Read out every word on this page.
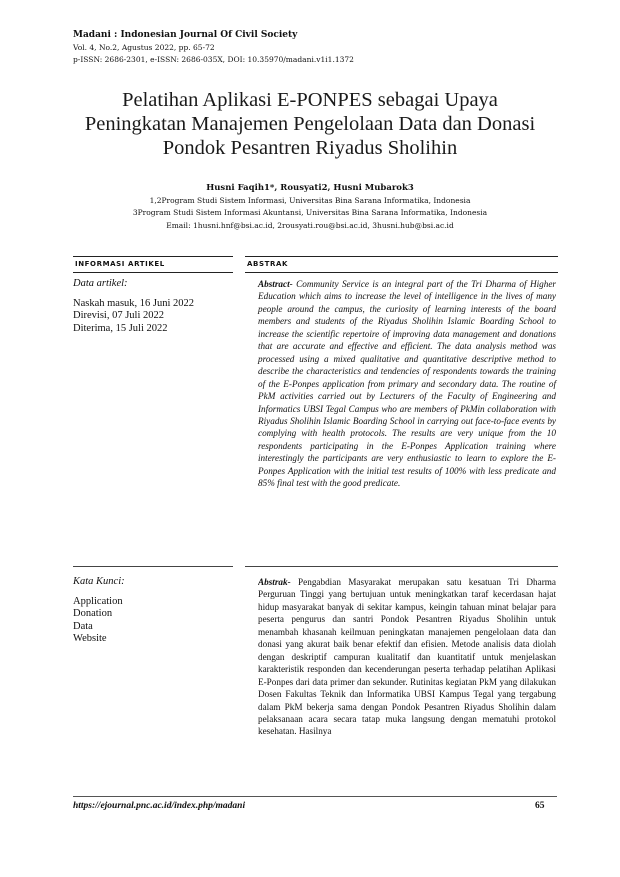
Madani : Indonesian Journal Of Civil Society
Vol. 4, No.2, Agustus 2022, pp. 65-72
p-ISSN: 2686-2301, e-ISSN: 2686-035X, DOI: 10.35970/madani.v1i1.1372
Pelatihan Aplikasi E-PONPES sebagai Upaya
Peningkatan Manajemen Pengelolaan Data dan Donasi
Pondok Pesantren Riyadus Sholihin
Husni Faqih1*, Rousyati2, Husni Mubarok3
1,2Program Studi Sistem Informasi, Universitas Bina Sarana Informatika, Indonesia
3Program Studi Sistem Informasi Akuntansi, Universitas Bina Sarana Informatika, Indonesia
Email: 1husni.hnf@bsi.ac.id, 2rousyati.rou@bsi.ac.id, 3husni.hub@bsi.ac.id
INFORMASI ARTIKEL	ABSTRAK
Data artikel:
Naskah masuk, 16 Juni 2022
Direvisi, 07 Juli 2022
Diterima, 15 Juli 2022
Kata Kunci:
Application
Donation
Data
Website
Abstract- Community Service is an integral part of the Tri Dharma of Higher Education which aims to increase the level of intelligence in the lives of many people around the campus, the curiosity of learning interests of the board members and students of the Riyadus Sholihin Islamic Boarding School to increase the scientific repertoire of improving data management and donations that are accurate and effective and efficient. The data analysis method was processed using a mixed qualitative and quantitative descriptive method to describe the characteristics and tendencies of respondents towards the training of the E-Ponpes application from primary and secondary data. The routine of PkM activities carried out by Lecturers of the Faculty of Engineering and Informatics UBSI Tegal Campus who are members of PkMin collaboration with Riyadus Sholihin Islamic Boarding School in carrying out face-to-face events by complying with health protocols. The results are very unique from the 10 respondents participating in the E-Ponpes Application training where interestingly the participants are very enthusiastic to learn to explore the E-Ponpes Application with the initial test results of 100% with less predicate and 85% final test with the good predicate.
Abstrak- Pengabdian Masyarakat merupakan satu kesatuan Tri Dharma Perguruan Tinggi yang bertujuan untuk meningkatkan taraf kecerdasan hajat hidup masyarakat banyak di sekitar kampus, keingin tahuan minat belajar para peserta pengurus dan santri Pondok Pesantren Riyadus Sholihin untuk menambah khasanah keilmuan peningkatan manajemen pengelolaan data dan donasi yang akurat baik benar efektif dan efisien. Metode analisis data diolah dengan deskriptif campuran kualitatif dan kuantitatif untuk menjelaskan karakteristik responden dan kecenderungan peserta terhadap pelatihan Aplikasi E-Ponpes dari data primer dan sekunder. Rutinitas kegiatan PkM yang dilakukan Dosen Fakultas Teknik dan Informatika UBSI Kampus Tegal yang tergabung dalam PkM bekerja sama dengan Pondok Pesantren Riyadus Sholihin dalam pelaksanaan acara secara tatap muka langsung dengan mematuhi protokol kesehatan. Hasilnya
https://ejournal.pnc.ac.id/index.php/madani	65
